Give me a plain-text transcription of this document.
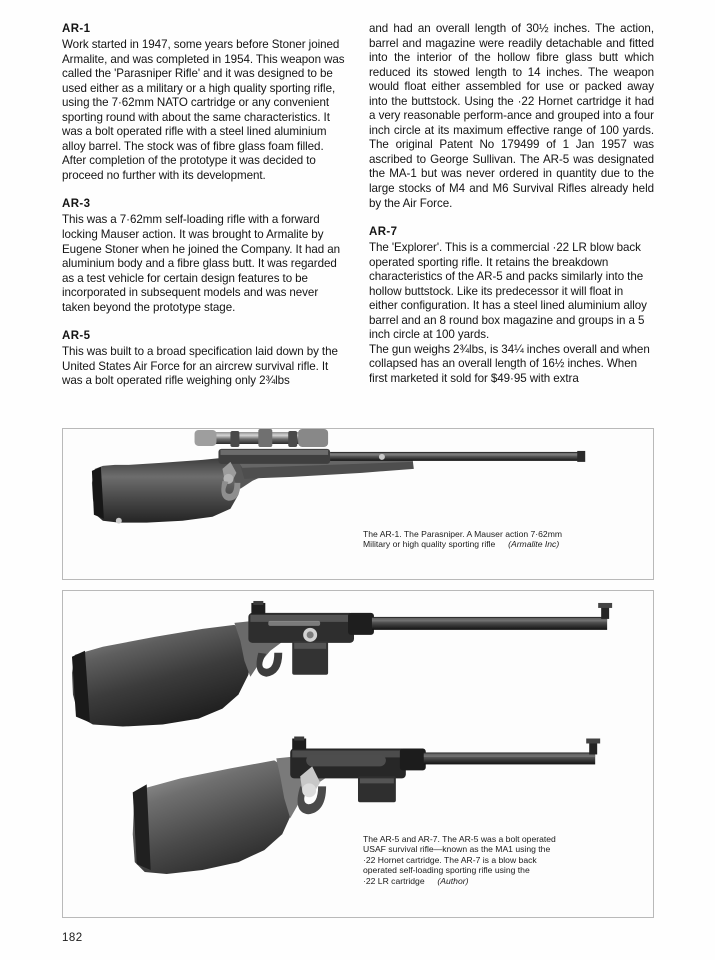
AR-1

Work started in 1947, some years before Stoner joined Armalite, and was completed in 1954. This weapon was called the 'Parasniper Rifle' and it was designed to be used either as a military or a high quality sporting rifle, using the 7·62mm NATO cartridge or any convenient sporting round with about the same characteristics. It was a bolt operated rifle with a steel lined aluminium alloy barrel. The stock was of fibre glass foam filled. After completion of the prototype it was decided to proceed no further with its development.

AR-3

This was a 7·62mm self-loading rifle with a forward locking Mauser action. It was brought to Armalite by Eugene Stoner when he joined the Company. It had an aluminium body and a fibre glass butt. It was regarded as a test vehicle for certain design features to be incorporated in subsequent models and was never taken beyond the prototype stage.

AR-5

This was built to a broad specification laid down by the United States Air Force for an aircrew survival rifle. It was a bolt operated rifle weighing only 2¾lbs

and had an overall length of 30½ inches. The action, barrel and magazine were readily detachable and fitted into the interior of the hollow fibre glass butt which reduced its stowed length to 14 inches. The weapon would float either assembled for use or packed away into the buttstock. Using the ·22 Hornet cartridge it had a very reasonable perform-ance and grouped into a four inch circle at its maximum effective range of 100 yards. The original Patent No 179499 of 1 Jan 1957 was ascribed to George Sullivan. The AR-5 was designated the MA-1 but was never ordered in quantity due to the large stocks of M4 and M6 Survival Rifles already held by the Air Force.

AR-7

The 'Explorer'. This is a commercial ·22 LR blow back operated sporting rifle. It retains the breakdown characteristics of the AR-5 and packs similarly into the hollow buttstock. Like its predecessor it will float in either configuration. It has a steel lined aluminium alloy barrel and an 8 round box magazine and groups in a 5 inch circle at 100 yards.

The gun weighs 2¾lbs, is 34¼ inches overall and when collapsed has an overall length of 16½ inches. When first marketed it sold for $49·95 with extra

The AR-1. The Parasniper. A Mauser action 7·62mm
Military or high quality sporting rifle (Armalite Inc)
The AR-5 and AR-7. The AR-5 was a bolt operated
USAF survival rifle—known as the MA1 using the
·22 Hornet cartridge. The AR-7 is a blow back
operated self-loading sporting rifle using the
·22 LR cartridge (Author)
182
